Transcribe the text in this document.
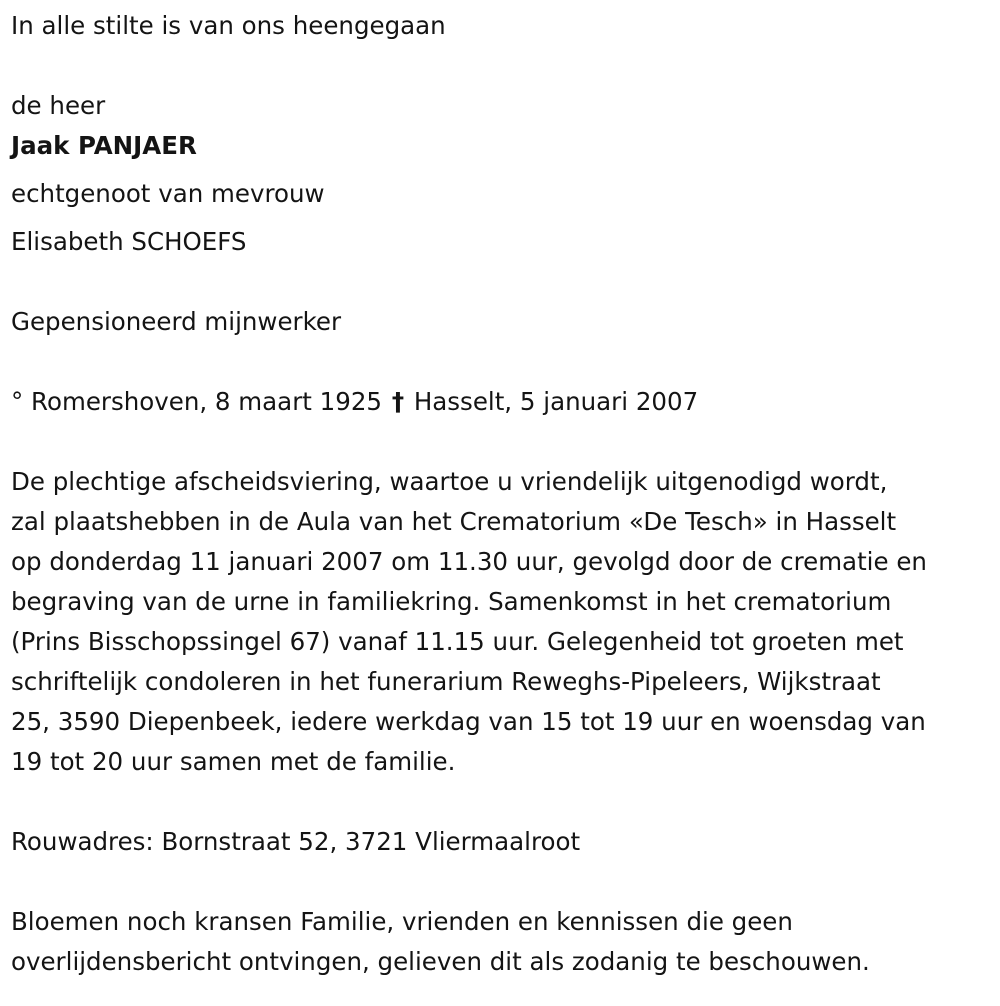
In alle stilte is van ons heengegaan
de heer
Jaak PANJAER
echtgenoot van mevrouw
Elisabeth SCHOEFS
Gepensioneerd mijnwerker
° Romershoven, 8 maart 1925 † Hasselt, 5 januari 2007
De plechtige afscheidsviering, waartoe u vriendelijk uitgenodigd wordt,
zal plaatshebben in de Aula van het Crematorium «De Tesch» in Hasselt
op donderdag 11 januari 2007 om 11.30 uur, gevolgd door de crematie en
begraving van de urne in familiekring. Samenkomst in het crematorium
(Prins Bisschopssingel 67) vanaf 11.15 uur. Gelegenheid tot groeten met
schriftelijk condoleren in het funerarium Reweghs-Pipeleers, Wijkstraat
25, 3590 Diepenbeek, iedere werkdag van 15 tot 19 uur en woensdag van
19 tot 20 uur samen met de familie.
Rouwadres: Bornstraat 52, 3721 Vliermaalroot
Bloemen noch kransen Familie, vrienden en kennissen die geen
overlijdensbericht ontvingen, gelieven dit als zodanig te beschouwen.
